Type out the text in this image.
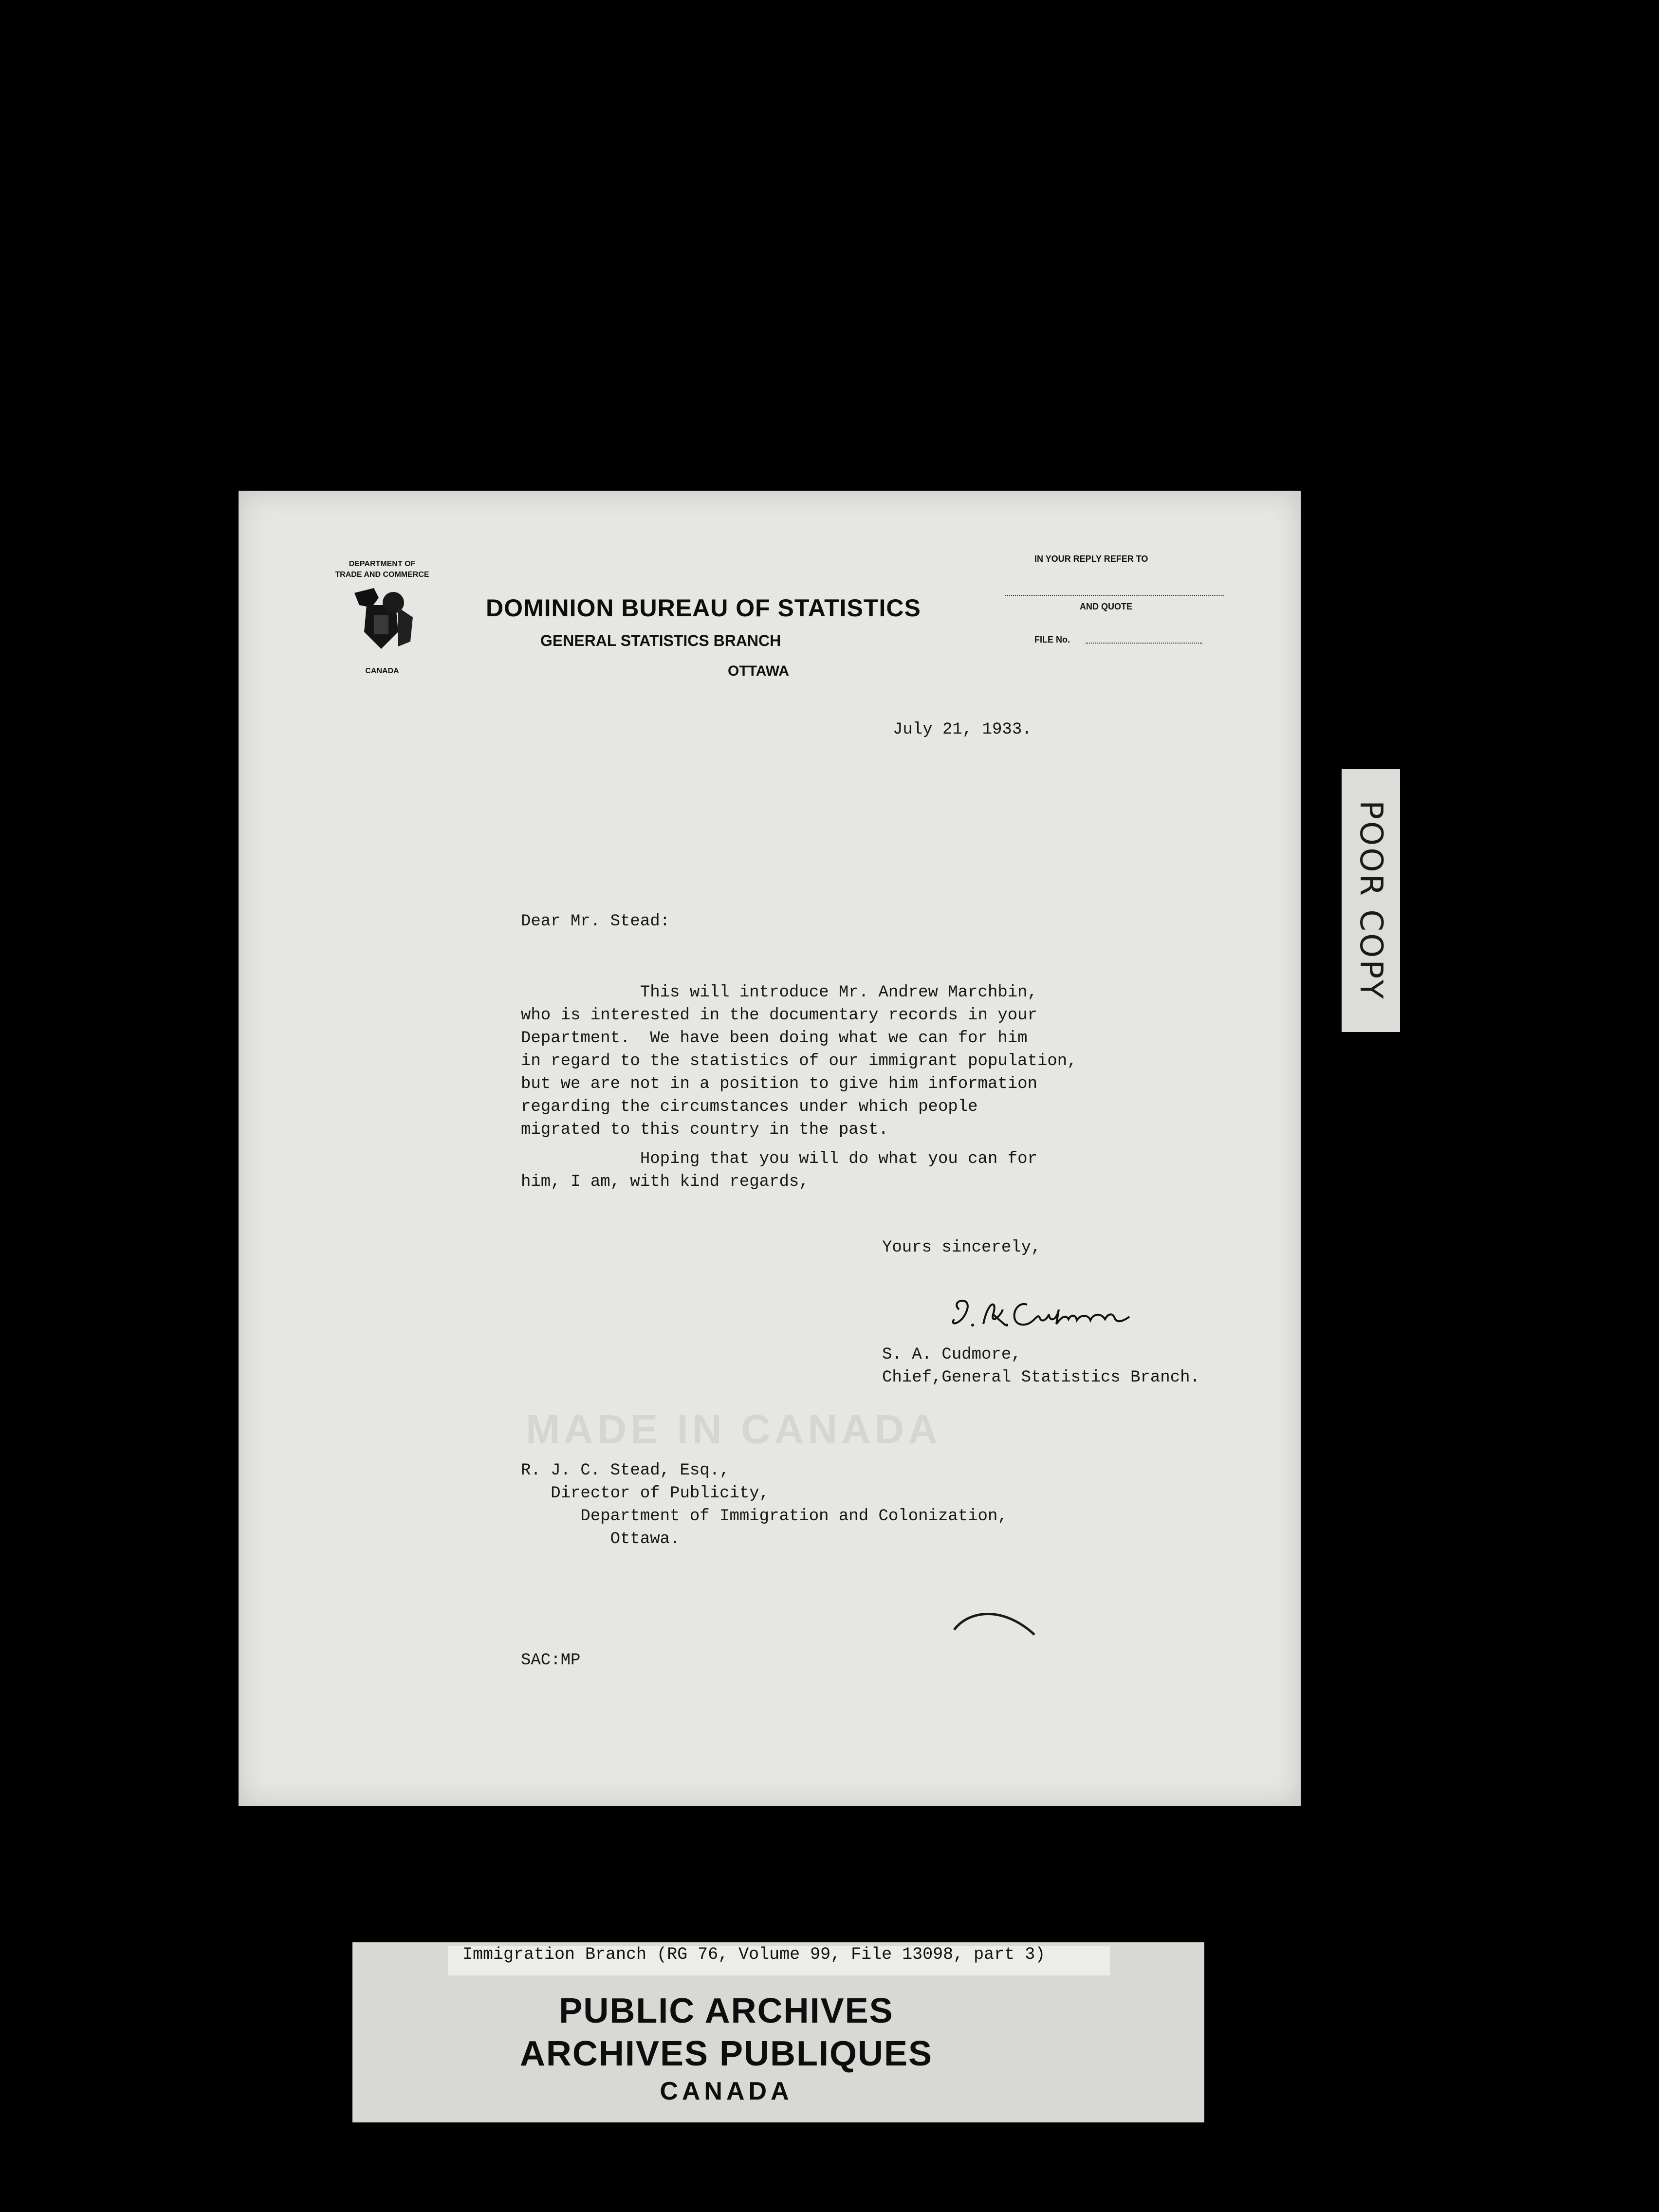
DEPARTMENT OF
TRADE AND COMMERCE
CANADA
DOMINION BUREAU OF STATISTICS
GENERAL STATISTICS BRANCH
OTTAWA
IN YOUR REPLY REFER TO
AND QUOTE
FILE No.
MADE IN CANADA
July 21, 1933.
Dear Mr. Stead:
This will introduce Mr. Andrew Marchbin,
who is interested in the documentary records in your
Department.  We have been doing what we can for him
in regard to the statistics of our immigrant population,
but we are not in a position to give him information
regarding the circumstances under which people
migrated to this country in the past.
Hoping that you will do what you can for
him, I am, with kind regards,
Yours sincerely,
S. A. Cudmore,
Chief,General Statistics Branch.
R. J. C. Stead, Esq.,
Director of Publicity,
Department of Immigration and Colonization,
Ottawa.
SAC:MP
POOR COPY
Immigration Branch (RG 76, Volume 99, File 13098, part 3)
PUBLIC ARCHIVES
ARCHIVES PUBLIQUES
CANADA
